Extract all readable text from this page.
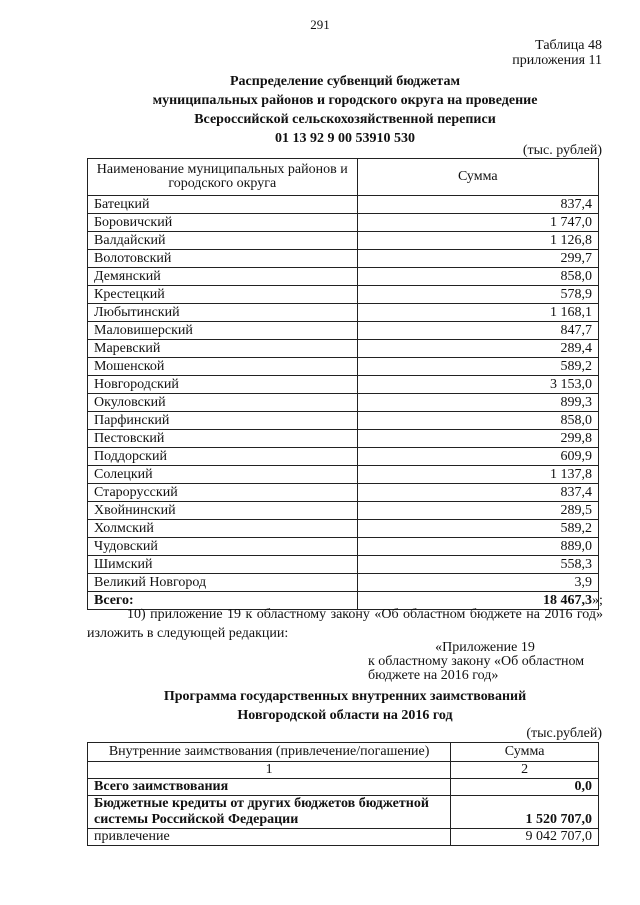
291
Таблица 48
приложения 11
Распределение субвенций бюджетам
муниципальных районов и городского округа на проведение
Всероссийской сельскохозяйственной переписи
01 13 92 9 00 53910 530
(тыс. рублей)
Наименование муниципальных районов и городского округа	Сумма
Батецкий	837,4
Боровичский	1 747,0
Валдайский	1 126,8
Волотовский	299,7
Демянский	858,0
Крестецкий	578,9
Любытинский	1 168,1
Маловишерский	847,7
Маревский	289,4
Мошенской	589,2
Новгородский	3 153,0
Окуловский	899,3
Парфинский	858,0
Пестовский	299,8
Поддорский	609,9
Солецкий	1 137,8
Старорусский	837,4
Хвойнинский	289,5
Холмский	589,2
Чудовский	889,0
Шимский	558,3
Великий Новгород	3,9
Всего:	18 467,3 »;
10) приложение 19 к областному закону «Об областном бюджете на 2016 год» изложить в следующей редакции:
«Приложение 19
к областному закону «Об областном
бюджете на 2016 год»
Программа государственных внутренних заимствований
Новгородской области на 2016 год
(тыс.рублей)
Внутренние заимствования (привлечение/погашение)	Сумма
1	2
Всего заимствования	0,0
Бюджетные кредиты от других бюджетов бюджетной системы Российской Федерации	1 520 707,0
привлечение	9 042 707,0
